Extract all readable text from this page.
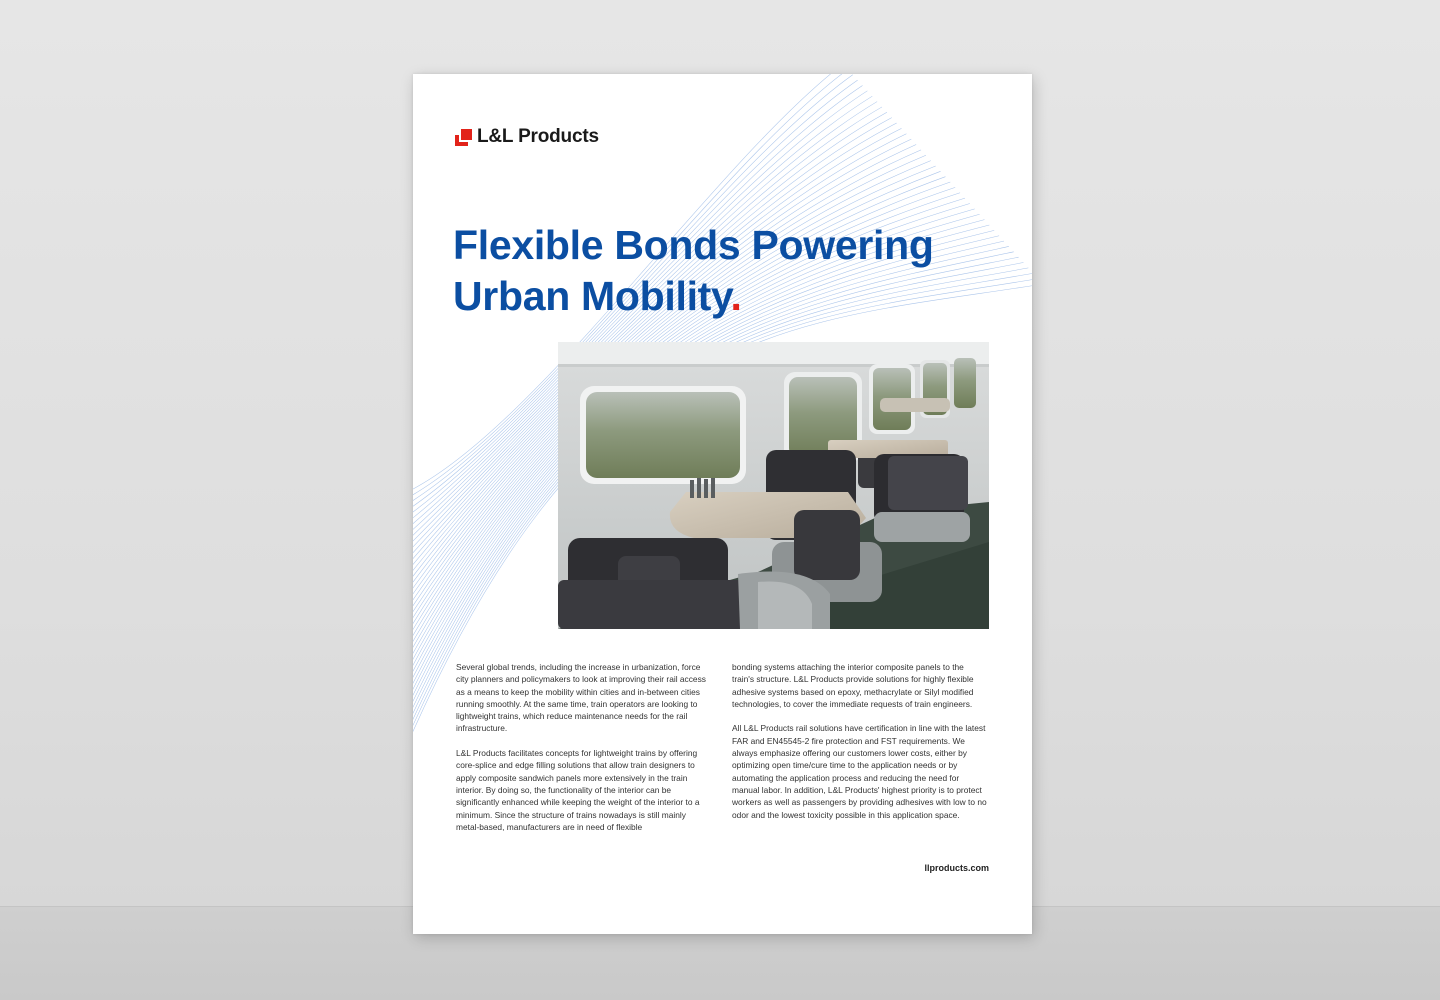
L&L Products
Flexible Bonds Powering
Urban Mobility.

Several global trends, including the increase in urbanization, force city planners and policymakers to look at improving their rail access as a means to keep the mobility within cities and in-between cities running smoothly. At the same time, train operators are looking to lightweight trains, which reduce maintenance needs for the rail infrastructure.

L&L Products facilitates concepts for lightweight trains by offering core-splice and edge filling solutions that allow train designers to apply composite sandwich panels more extensively in the train interior. By doing so, the functionality of the interior can be significantly enhanced while keeping the weight of the interior to a minimum. Since the structure of trains nowadays is still mainly metal-based, manufacturers are in need of flexible

bonding systems attaching the interior composite panels to the train's structure. L&L Products provide solutions for highly flexible adhesive systems based on epoxy, methacrylate or Silyl modified technologies, to cover the immediate requests of train engineers.

All L&L Products rail solutions have certification in line with the latest FAR and EN45545-2 fire protection and FST requirements. We always emphasize offering our customers lower costs, either by optimizing open time/cure time to the application needs or by automating the application process and reducing the need for manual labor. In addition, L&L Products' highest priority is to protect workers as well as passengers by providing adhesives with low to no odor and the lowest toxicity possible in this application space.

llproducts.com
